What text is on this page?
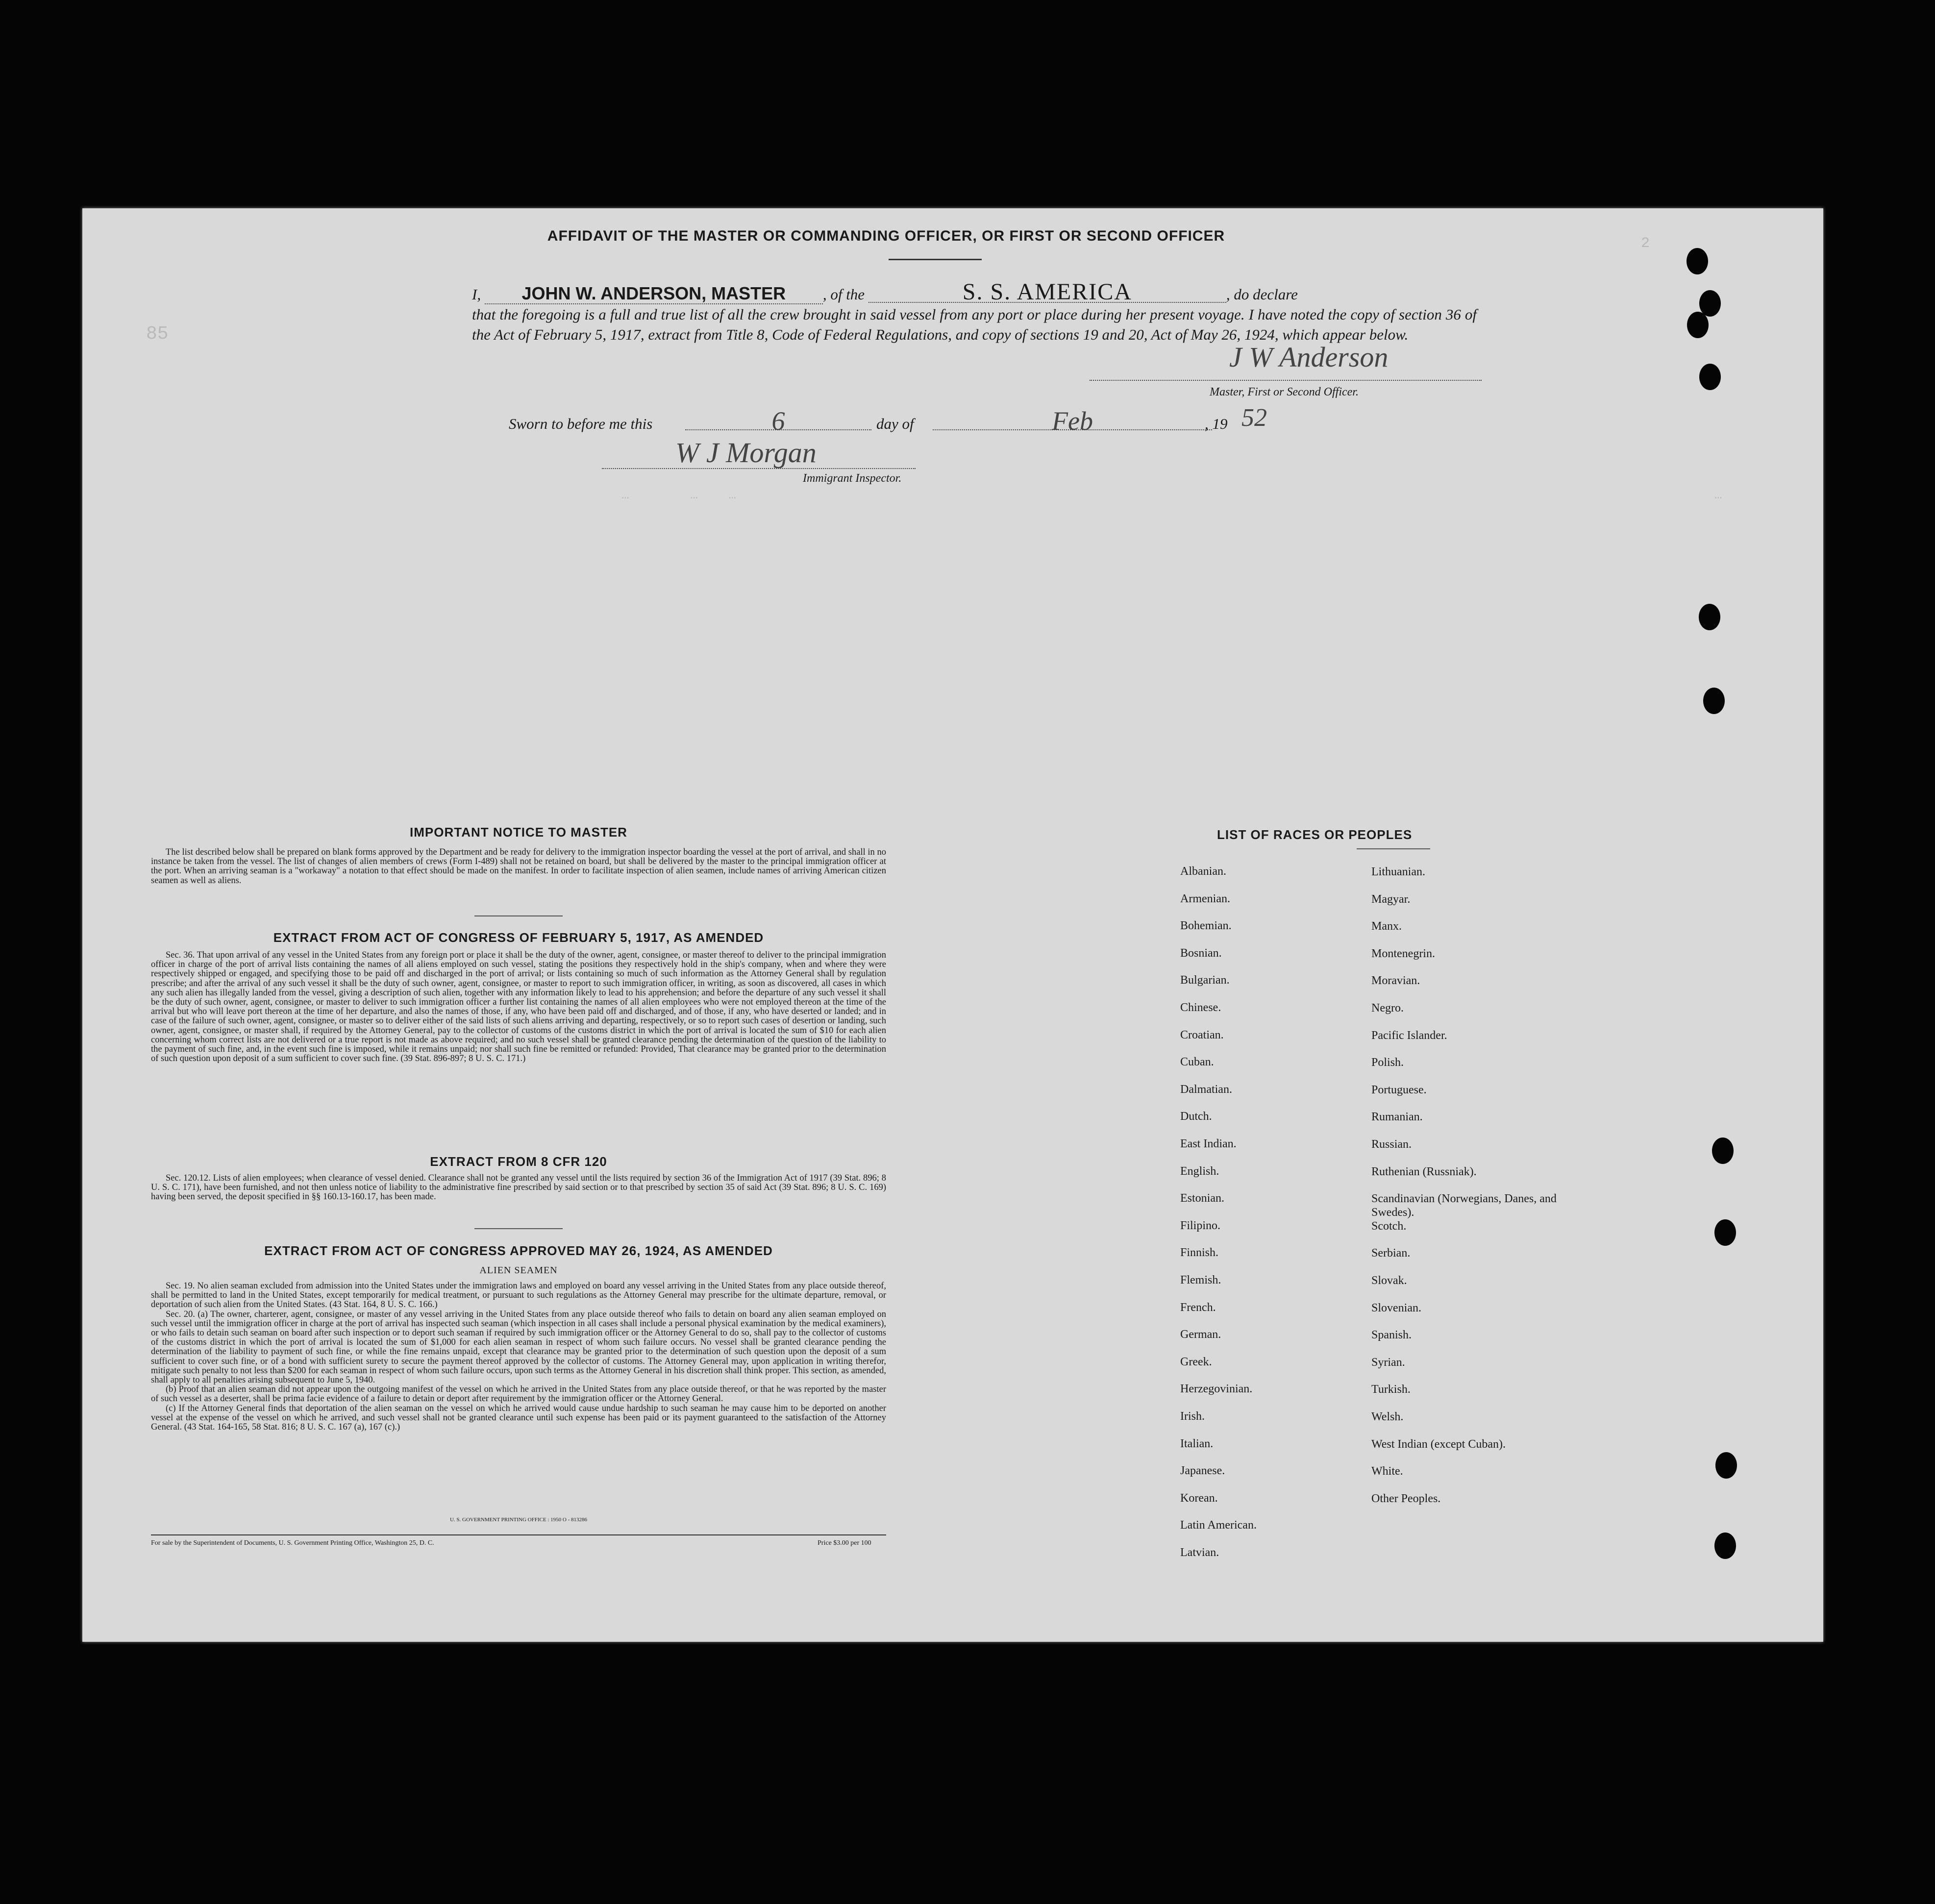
85
2
…        …    …	…
AFFIDAVIT OF THE MASTER OR COMMANDING OFFICER, OR FIRST OR SECOND OFFICER

I, JOHN W. ANDERSON, MASTER , of the	S. S. AMERICA	, do declare

that the foregoing is a full and true list of all the crew brought in said vessel from any port or place during her present voyage. I have noted the copy of section 36 of the Act of February 5, 1917, extract from Title 8, Code of Federal Regulations, and copy of sections 19 and 20, Act of May 26, 1924, which appear below.

J W Anderson
Master, First or Second Officer.
Sworn to before me this	6	day of	Feb	, 19 52
W J Morgan
Immigrant Inspector.
IMPORTANT NOTICE TO MASTER

The list described below shall be prepared on blank forms approved by the Department and be ready for delivery to the immigration inspector boarding the vessel at the port of arrival, and shall in no instance be taken from the vessel. The list of changes of alien members of crews (Form I-489) shall not be retained on board, but shall be delivered by the master to the principal immigration officer at the port. When an arriving seaman is a "workaway" a notation to that effect should be made on the manifest. In order to facilitate inspection of alien seamen, include names of arriving American citizen seamen as well as aliens.

EXTRACT FROM ACT OF CONGRESS OF FEBRUARY 5, 1917, AS AMENDED

Sec. 36. That upon arrival of any vessel in the United States from any foreign port or place it shall be the duty of the owner, agent, consignee, or master thereof to deliver to the principal immigration officer in charge of the port of arrival lists containing the names of all aliens employed on such vessel, stating the positions they respectively hold in the ship's company, when and where they were respectively shipped or engaged, and specifying those to be paid off and discharged in the port of arrival; or lists containing so much of such information as the Attorney General shall by regulation prescribe; and after the arrival of any such vessel it shall be the duty of such owner, agent, consignee, or master to report to such immigration officer, in writing, as soon as discovered, all cases in which any such alien has illegally landed from the vessel, giving a description of such alien, together with any information likely to lead to his apprehension; and before the departure of any such vessel it shall be the duty of such owner, agent, consignee, or master to deliver to such immigration officer a further list containing the names of all alien employees who were not employed thereon at the time of the arrival but who will leave port thereon at the time of her departure, and also the names of those, if any, who have been paid off and discharged, and of those, if any, who have deserted or landed; and in case of the failure of such owner, agent, consignee, or master so to deliver either of the said lists of such aliens arriving and departing, respectively, or so to report such cases of desertion or landing, such owner, agent, consignee, or master shall, if required by the Attorney General, pay to the collector of customs of the customs district in which the port of arrival is located the sum of $10 for each alien concerning whom correct lists are not delivered or a true report is not made as above required; and no such vessel shall be granted clearance pending the determination of the question of the liability to the payment of such fine, and, in the event such fine is imposed, while it remains unpaid; nor shall such fine be remitted or refunded: Provided, That clearance may be granted prior to the determination of such question upon deposit of a sum sufficient to cover such fine. (39 Stat. 896-897; 8 U. S. C. 171.)

EXTRACT FROM 8 CFR 120

Sec. 120.12. Lists of alien employees; when clearance of vessel denied. Clearance shall not be granted any vessel until the lists required by section 36 of the Immigration Act of 1917 (39 Stat. 896; 8 U. S. C. 171), have been furnished, and not then unless notice of liability to the administrative fine prescribed by said section or to that prescribed by section 35 of said Act (39 Stat. 896; 8 U. S. C. 169) having been served, the deposit specified in §§ 160.13-160.17, has been made.

EXTRACT FROM ACT OF CONGRESS APPROVED MAY 26, 1924, AS AMENDED
ALIEN SEAMEN

Sec. 19. No alien seaman excluded from admission into the United States under the immigration laws and employed on board any vessel arriving in the United States from any place outside thereof, shall be permitted to land in the United States, except temporarily for medical treatment, or pursuant to such regulations as the Attorney General may prescribe for the ultimate departure, removal, or deportation of such alien from the United States. (43 Stat. 164, 8 U. S. C. 166.)

Sec. 20. (a) The owner, charterer, agent, consignee, or master of any vessel arriving in the United States from any place outside thereof who fails to detain on board any alien seaman employed on such vessel until the immigration officer in charge at the port of arrival has inspected such seaman (which inspection in all cases shall include a personal physical examination by the medical examiners), or who fails to detain such seaman on board after such inspection or to deport such seaman if required by such immigration officer or the Attorney General to do so, shall pay to the collector of customs of the customs district in which the port of arrival is located the sum of $1,000 for each alien seaman in respect of whom such failure occurs. No vessel shall be granted clearance pending the determination of the liability to payment of such fine, or while the fine remains unpaid, except that clearance may be granted prior to the determination of such question upon the deposit of a sum sufficient to cover such fine, or of a bond with sufficient surety to secure the payment thereof approved by the collector of customs. The Attorney General may, upon application in writing therefor, mitigate such penalty to not less than $200 for each seaman in respect of whom such failure occurs, upon such terms as the Attorney General in his discretion shall think proper. This section, as amended, shall apply to all penalties arising subsequent to June 5, 1940.

(b) Proof that an alien seaman did not appear upon the outgoing manifest of the vessel on which he arrived in the United States from any place outside thereof, or that he was reported by the master of such vessel as a deserter, shall be prima facie evidence of a failure to detain or deport after requirement by the immigration officer or the Attorney General.

(c) If the Attorney General finds that deportation of the alien seaman on the vessel on which he arrived would cause undue hardship to such seaman he may cause him to be deported on another vessel at the expense of the vessel on which he arrived, and such vessel shall not be granted clearance until such expense has been paid or its payment guaranteed to the satisfaction of the Attorney General. (43 Stat. 164-165, 58 Stat. 816; 8 U. S. C. 167 (a), 167 (c).)

U. S. GOVERNMENT PRINTING OFFICE : 1950 O - 813286
For sale by the Superintendent of Documents, U. S. Government Printing Office, Washington 25, D. C.	Price $3.00 per 100
LIST OF RACES OR PEOPLES
Albanian.
Armenian.
Bohemian.
Bosnian.
Bulgarian.
Chinese.
Croatian.
Cuban.
Dalmatian.
Dutch.
East Indian.
English.
Estonian.
Filipino.
Finnish.
Flemish.
French.
German.
Greek.
Herzegovinian.
Irish.
Italian.
Japanese.
Korean.
Latin American.
Latvian.
Lithuanian.
Magyar.
Manx.
Montenegrin.
Moravian.
Negro.
Pacific Islander.
Polish.
Portuguese.
Rumanian.
Russian.
Ruthenian (Russniak).
Scandinavian (Norwegians, Danes, and Swedes).
Scotch.
Serbian.
Slovak.
Slovenian.
Spanish.
Syrian.
Turkish.
Welsh.
West Indian (except Cuban).
White.
Other Peoples.
